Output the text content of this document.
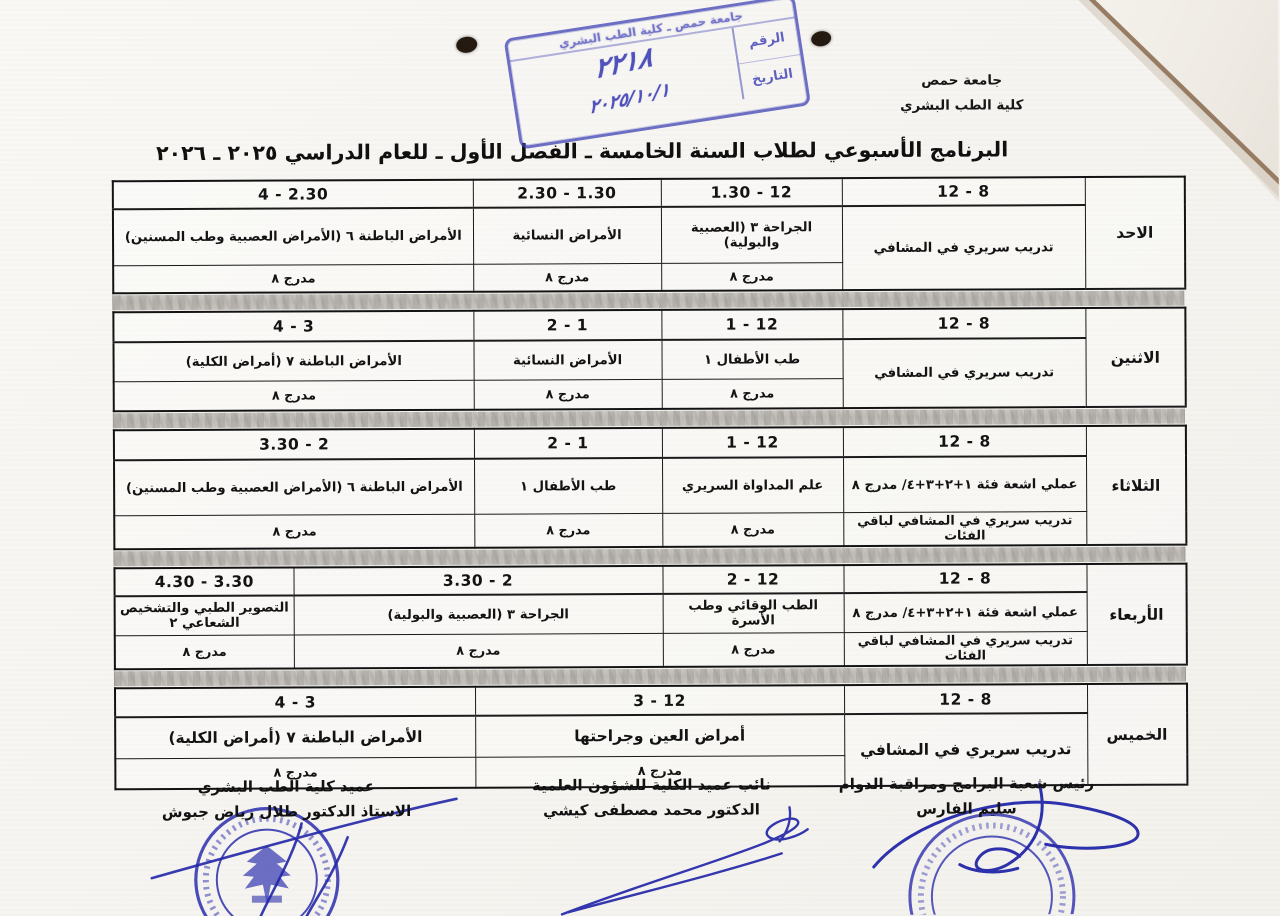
جامعة حمص ـ كلية الطب البشري الرقم
التاريخ
٢٢١٨
٢٠٢٥/١٠/١	جامعة حمص
كلية الطب البشري
البرنامج الأسبوعي لطلاب السنة الخامسة ـ الفصل الأول ـ للعام الدراسي ٢٠٢٥ ـ ٢٠٢٦
الاحد	12 - 8	1.30 - 12	2.30 - 1.30	4 - 2.30
	تدريب سريري في المشافي	الجراحة ٣ (العصبية والبولية)	الأمراض النسائية	الأمراض الباطنة ٦ (الأمراض العصبية وطب المسنين)
		مدرج ٨	مدرج ٨	مدرج ٨
الاثنين	12 - 8	1 - 12	2 - 1	4 - 3
	تدريب سريري في المشافي	طب الأطفال ١	الأمراض النسائية	الأمراض الباطنة ٧ (أمراض الكلية)
		مدرج ٨	مدرج ٨	مدرج ٨
الثلاثاء	12 - 8	1 - 12	2 - 1	3.30 - 2
	عملي اشعة فئة ١+٢+٣+٤/ مدرج ٨	علم المداواة السريري	طب الأطفال ١	الأمراض الباطنة ٦ (الأمراض العصبية وطب المسنين)
	تدريب سريري في المشافي لباقي الفئات	مدرج ٨	مدرج ٨	مدرج ٨
الأربعاء	12 - 8	2 - 12	3.30 - 2	4.30 - 3.30
	عملي اشعة فئة ١+٢+٣+٤/ مدرج ٨	الطب الوقائي وطب الأسرة	الجراحة ٣ (العصبية والبولية)	التصوير الطبي والتشخيص الشعاعي ٢
	تدريب سريري في المشافي لباقي الفئات	مدرج ٨	مدرج ٨	مدرج ٨
الخميس	12 - 8	3 - 12	4 - 3
	تدريب سريري في المشافي	أمراض العين وجراحتها	الأمراض الباطنة ٧ (أمراض الكلية)
		مدرج ٨	مدرج ٨
رئيس شعبة البرامج ومراقبة الدوام
سليم الفارس
نائب عميد الكلية للشؤون العلمية
الدكتور محمد مصطفى كيشي
عميد كلية الطب البشري
الاستاذ الدكتور طلال رياض جبوش
